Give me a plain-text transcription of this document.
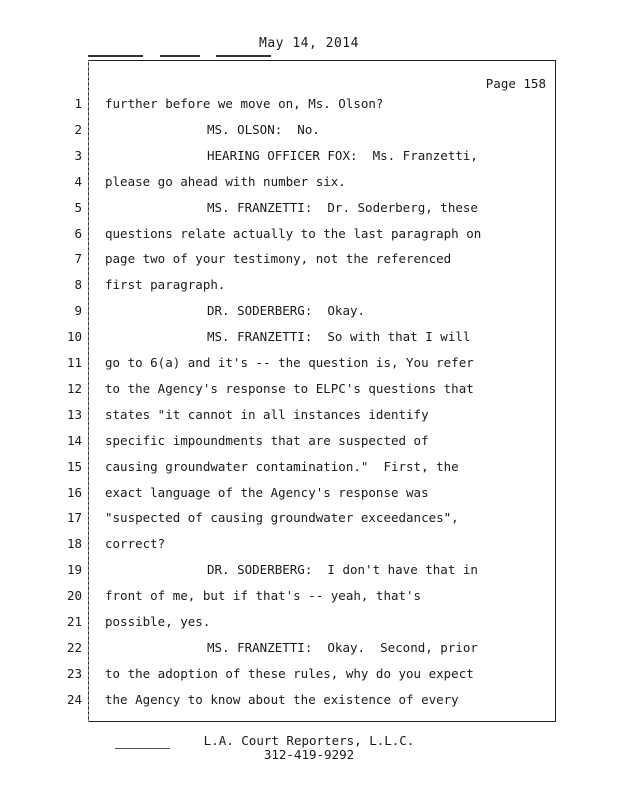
May 14, 2014
Page 158
1 further before we move on, Ms. Olson?
2	MS. OLSON:  No.
3	HEARING OFFICER FOX:  Ms. Franzetti,
4 please go ahead with number six.
5	MS. FRANZETTI:  Dr. Soderberg, these
6 questions relate actually to the last paragraph on
7 page two of your testimony, not the referenced
8 first paragraph.
9	DR. SODERBERG:  Okay.
10	MS. FRANZETTI:  So with that I will
11 go to 6(a) and it's -- the question is, You refer
12 to the Agency's response to ELPC's questions that
13 states "it cannot in all instances identify
14 specific impoundments that are suspected of
15 causing groundwater contamination."  First, the
16 exact language of the Agency's response was
17 "suspected of causing groundwater exceedances",
18 correct?
19	DR. SODERBERG:  I don't have that in
20 front of me, but if that's -- yeah, that's
21 possible, yes.
22	MS. FRANZETTI:  Okay.  Second, prior
23 to the adoption of these rules, why do you expect
24 the Agency to know about the existence of every
L.A. Court Reporters, L.L.C.
312-419-9292
